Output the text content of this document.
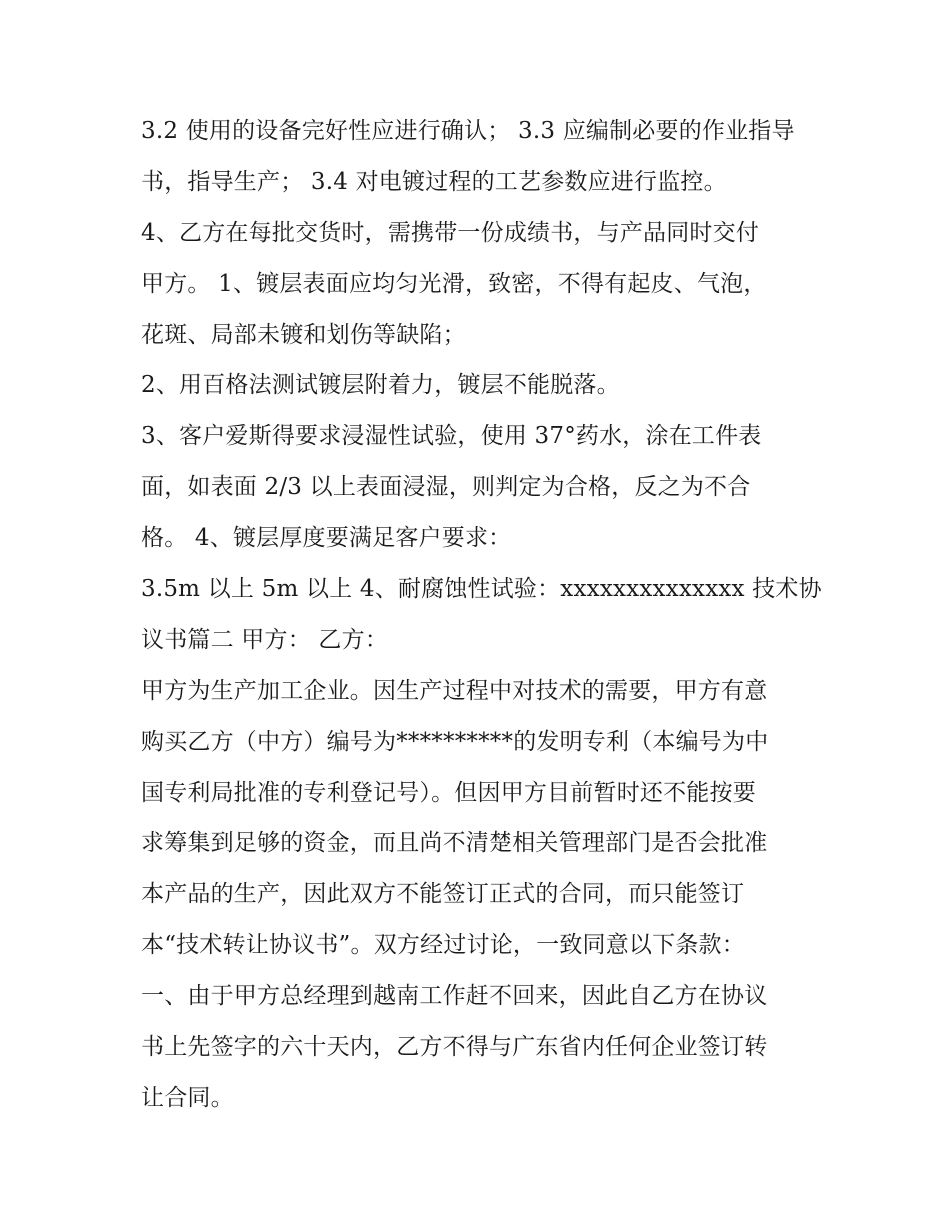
3.2 使用的设备完好性应进行确认； 3.3 应编制必要的作业指导
书，指导生产； 3.4 对电镀过程的工艺参数应进行监控。
4、乙方在每批交货时，需携带一份成绩书，与产品同时交付
甲方。 1、镀层表面应均匀光滑，致密，不得有起皮、气泡，
花斑、局部未镀和划伤等缺陷；
2、用百格法测试镀层附着力，镀层不能脱落。
3、客户爱斯得要求浸湿性试验，使用 37°药水，涂在工件表
面，如表面 2/3 以上表面浸湿，则判定为合格，反之为不合
格。 4、镀层厚度要满足客户要求：
3.5m 以上 5m 以上 4、耐腐蚀性试验：xxxxxxxxxxxxxx 技术协
议书篇二 甲方： 乙方：
甲方为生产加工企业。因生产过程中对技术的需要，甲方有意
购买乙方（中方）编号为**********的发明专利（本编号为中
国专利局批准的专利登记号）。但因甲方目前暂时还不能按要
求筹集到足够的资金，而且尚不清楚相关管理部门是否会批准
本产品的生产，因此双方不能签订正式的合同，而只能签订
本“技术转让协议书”。双方经过讨论，一致同意以下条款：
一、由于甲方总经理到越南工作赶不回来，因此自乙方在协议
书上先签字的六十天内，乙方不得与广东省内任何企业签订转
让合同。
